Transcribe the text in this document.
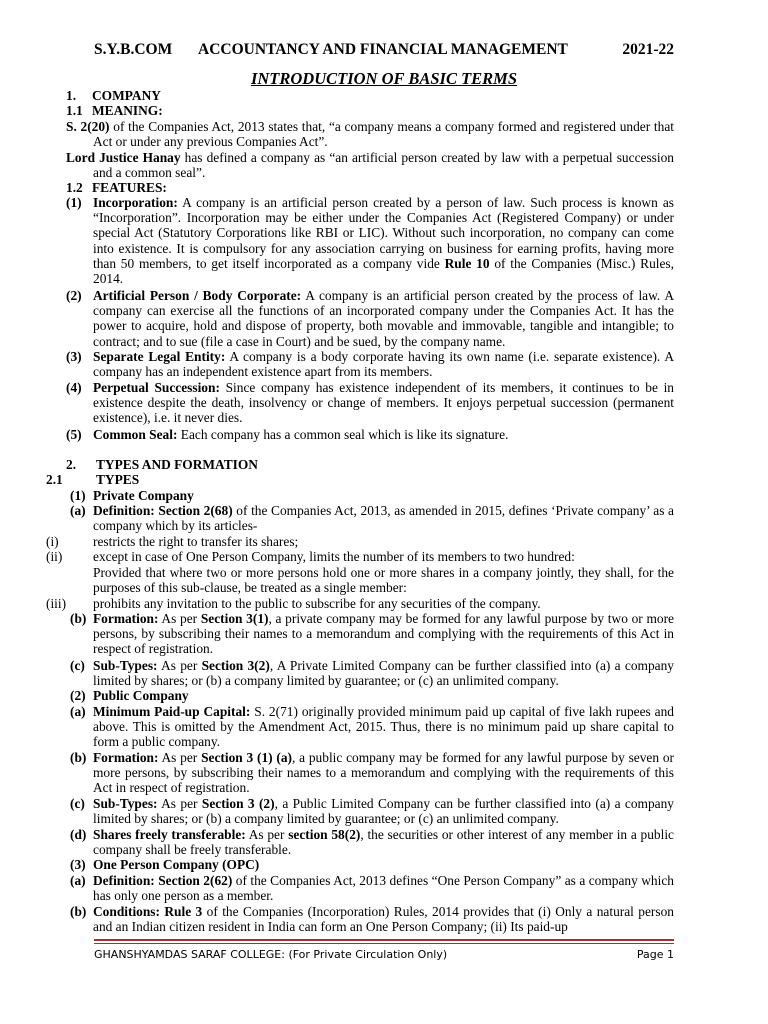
S.Y.B.COM ACCOUNTANCY AND FINANCIAL MANAGEMENT	2021-22
INTRODUCTION OF BASIC TERMS
1. COMPANY
1.1 MEANING:
S. 2(20) of the Companies Act, 2013 states that, “a company means a company formed and registered under that Act or under any previous Companies Act”.
Lord Justice Hanay has defined a company as “an artificial person created by law with a perpetual succession and a common seal”.
1.2 FEATURES:
(1) Incorporation: A company is an artificial person created by a person of law. Such process is known as “Incorporation”. Incorporation may be either under the Companies Act (Registered Company) or under special Act (Statutory Corporations like RBI or LIC). Without such incorporation, no company can come into existence. It is compulsory for any association carrying on business for earning profits, having more than 50 members, to get itself incorporated as a company vide Rule 10 of the Companies (Misc.) Rules, 2014.
(2) Artificial Person / Body Corporate: A company is an artificial person created by the process of law. A company can exercise all the functions of an incorporated company under the Companies Act. It has the power to acquire, hold and dispose of property, both movable and immovable, tangible and intangible; to contract; and to sue (file a case in Court) and be sued, by the company name.
(3) Separate Legal Entity: A company is a body corporate having its own name (i.e. separate existence). A company has an independent existence apart from its members.
(4) Perpetual Succession: Since company has existence independent of its members, it continues to be in existence despite the death, insolvency or change of members. It enjoys perpetual succession (permanent existence), i.e. it never dies.
(5) Common Seal: Each company has a common seal which is like its signature.
2. TYPES AND FORMATION
2.1 TYPES
(1) Private Company
(a) Definition: Section 2(68) of the Companies Act, 2013, as amended in 2015, defines ‘Private company’ as a company which by its articles-
(i)	restricts the right to transfer its shares;
(ii) except in case of One Person Company, limits the number of its members to two hundred:
Provided that where two or more persons hold one or more shares in a company jointly, they shall, for the purposes of this sub-clause, be treated as a single member:
(iii) prohibits any invitation to the public to subscribe for any securities of the company.
(b) Formation: As per Section 3(1), a private company may be formed for any lawful purpose by two or more persons, by subscribing their names to a memorandum and complying with the requirements of this Act in respect of registration.
(c) Sub-Types: As per Section 3(2), A Private Limited Company can be further classified into (a) a company limited by shares; or (b) a company limited by guarantee; or (c) an unlimited company.
(2) Public Company
(a) Minimum Paid-up Capital: S. 2(71) originally provided minimum paid up capital of five lakh rupees and above. This is omitted by the Amendment Act, 2015. Thus, there is no minimum paid up share capital to form a public company.
(b) Formation: As per Section 3 (1) (a), a public company may be formed for any lawful purpose by seven or more persons, by subscribing their names to a memorandum and complying with the requirements of this Act in respect of registration.
(c) Sub-Types: As per Section 3 (2), a Public Limited Company can be further classified into (a) a company limited by shares; or (b) a company limited by guarantee; or (c) an unlimited company.
(d) Shares freely transferable: As per section 58(2), the securities or other interest of any member in a public company shall be freely transferable.
(3) One Person Company (OPC)
(a) Definition: Section 2(62) of the Companies Act, 2013 defines “One Person Company” as a company which has only one person as a member.
(b) Conditions: Rule 3 of the Companies (Incorporation) Rules, 2014 provides that (i) Only a natural person and an Indian citizen resident in India can form an One Person Company; (ii) Its paid-up
GHANSHYAMDAS SARAF COLLEGE: (For Private Circulation Only)	Page 1
